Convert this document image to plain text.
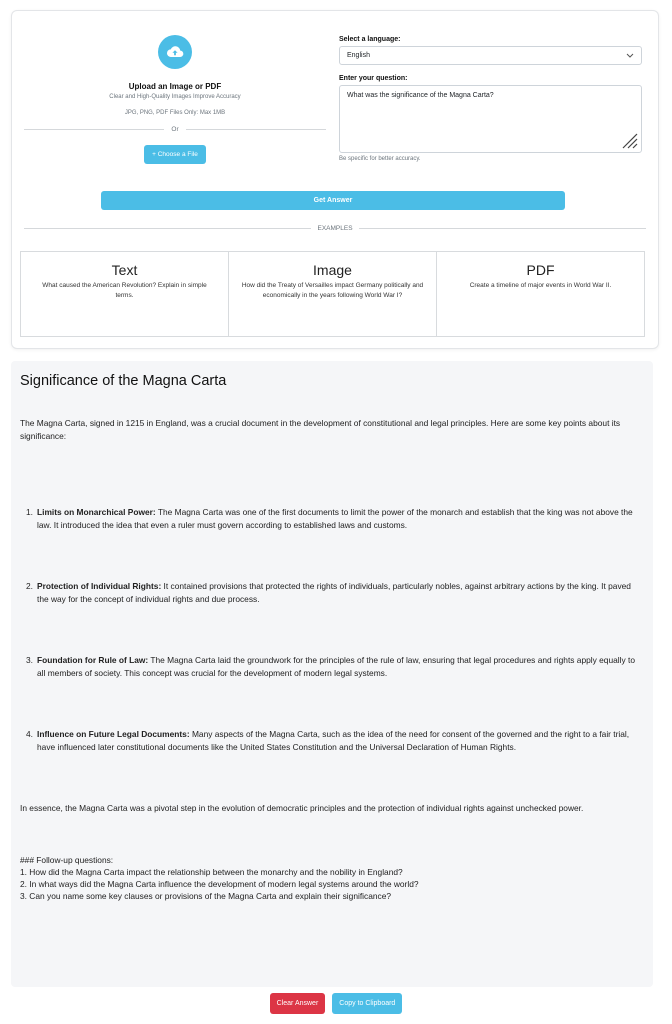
Upload an Image or PDF
Clear and High-Quality Images Improve Accuracy
JPG, PNG, PDF Files Only: Max 1MB
Or
+ Choose a File
Select a language:
English
Enter your question:
What was the significance of the Magna Carta?
Be specific for better accuracy.
Get Answer
EXAMPLES
Text
What caused the American Revolution? Explain in simple terms.
Image
How did the Treaty of Versailles impact Germany politically and economically in the years following World War I?
PDF
Create a timeline of major events in World War II.
Significance of the Magna Carta

The Magna Carta, signed in 1215 in England, was a crucial document in the development of constitutional and legal principles. Here are some key points about its significance:

1. Limits on Monarchical Power: The Magna Carta was one of the first documents to limit the power of the monarch and establish that the king was not above the law. It introduced the idea that even a ruler must govern according to established laws and customs.
2. Protection of Individual Rights: It contained provisions that protected the rights of individuals, particularly nobles, against arbitrary actions by the king. It paved the way for the concept of individual rights and due process.
3. Foundation for Rule of Law: The Magna Carta laid the groundwork for the principles of the rule of law, ensuring that legal procedures and rights apply equally to all members of society. This concept was crucial for the development of modern legal systems.
4. Influence on Future Legal Documents: Many aspects of the Magna Carta, such as the idea of the need for consent of the governed and the right to a fair trial, have influenced later constitutional documents like the United States Constitution and the Universal Declaration of Human Rights.

In essence, the Magna Carta was a pivotal step in the evolution of democratic principles and the protection of individual rights against unchecked power.

### Follow-up questions:
1. How did the Magna Carta impact the relationship between the monarchy and the nobility in England?
2. In what ways did the Magna Carta influence the development of modern legal systems around the world?
3. Can you name some key clauses or provisions of the Magna Carta and explain their significance?
Clear Answer	Copy to Clipboard
